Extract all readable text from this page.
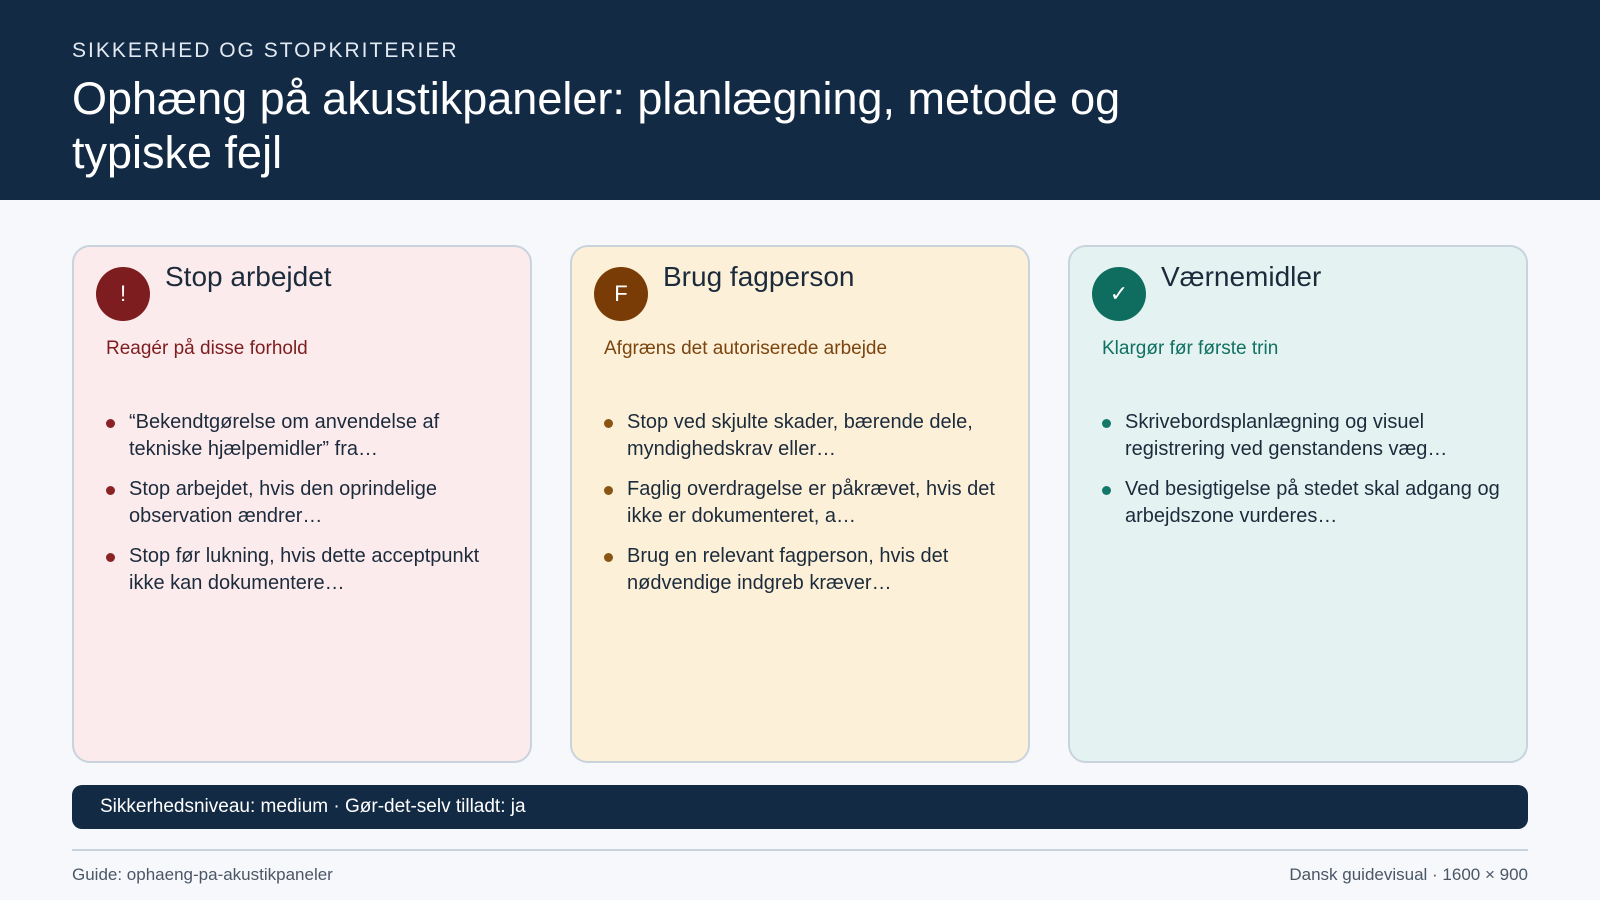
SIKKERHED OG STOPKRITERIER
Ophæng på akustikpaneler: planlægning, metode og typiske fejl
!
Stop arbejdet
Reagér på disse forhold
“Bekendtgørelse om anvendelse af tekniske hjælpemidler” fra…
Stop arbejdet, hvis den oprindelige observation ændrer…
Stop før lukning, hvis dette acceptpunkt ikke kan dokumentere…
F
Brug fagperson
Afgræns det autoriserede arbejde
Stop ved skjulte skader, bærende dele, myndighedskrav eller…
Faglig overdragelse er påkrævet, hvis det ikke er dokumenteret, a…
Brug en relevant fagperson, hvis det nødvendige indgreb kræver…
✓
Værnemidler
Klargør før første trin
Skrivebordsplanlægning og visuel registrering ved genstandens væg…
Ved besigtigelse på stedet skal adgang og arbejdszone vurderes…
Sikkerhedsniveau: medium · Gør-det-selv tilladt: ja
Guide: ophaeng-pa-akustikpaneler	Dansk guidevisual · 1600 × 900
